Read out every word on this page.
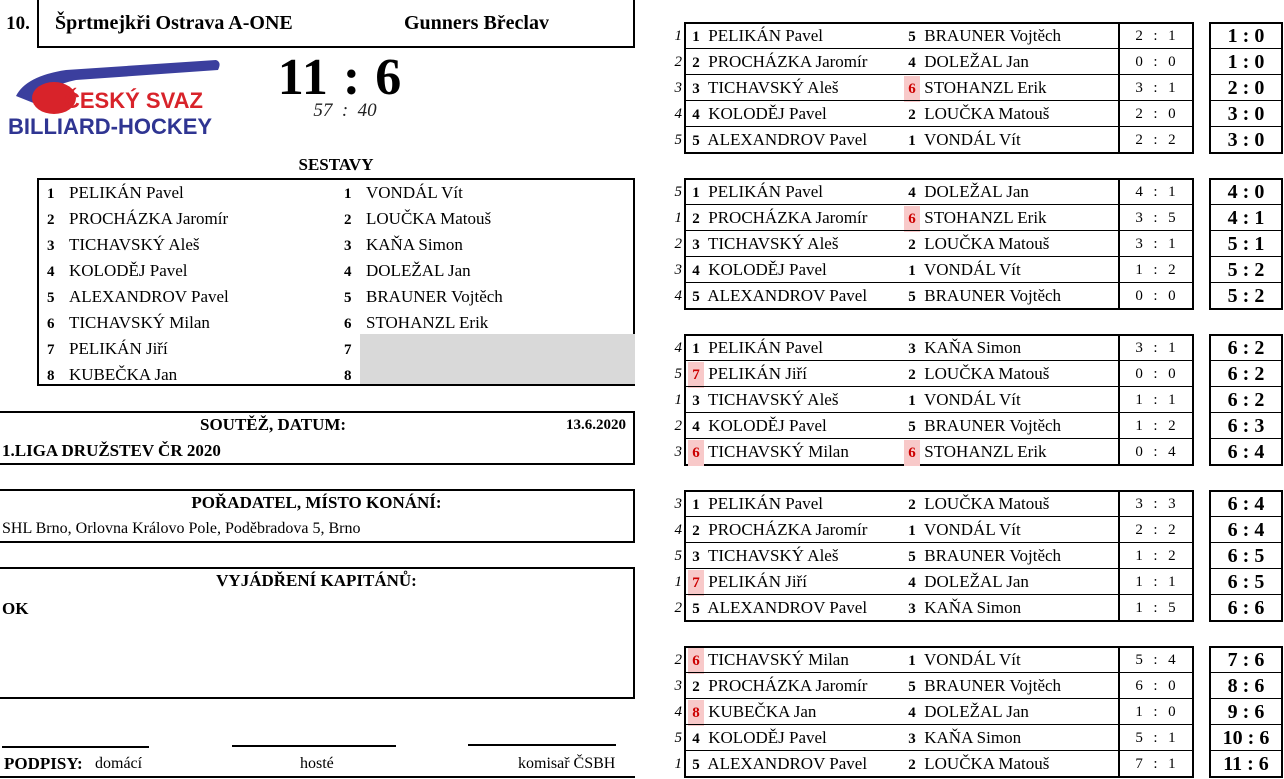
10.	Šprtmejkři Ostrava A-ONE	Gunners Břeclav
ČESKÝ SVAZ
BILLIARD-HOCKEY
11 : 6
57  :  40
SESTAVY
1 PELIKÁN Pavel	1 VONDÁL Vít
2 PROCHÁZKA Jaromír	2 LOUČKA Matouš
3 TICHAVSKÝ Aleš	3 KAŇA Simon
4 KOLODĚJ Pavel	4 DOLEŽAL Jan
5 ALEXANDROV Pavel	5 BRAUNER Vojtěch
6 TICHAVSKÝ Milan	6 STOHANZL Erik
7 PELIKÁN Jiří	7
8 KUBEČKA Jan	8
SOUTĚŽ, DATUM:	13.6.2020
1.LIGA DRUŽSTEV ČR 2020
POŘADATEL, MÍSTO KONÁNÍ:
SHL Brno, Orlovna Královo Pole, Poděbradova 5, Brno
VYJÁDŘENÍ KAPITÁNŮ:
OK
PODPISY: domácí	hosté	komisař ČSBH
1 1 PELIKÁN Pavel	5 BRAUNER Vojtěch	2  :  1	1 : 0
2 2 PROCHÁZKA Jaromír	4 DOLEŽAL Jan	0  :  0	1 : 0
3 3 TICHAVSKÝ Aleš	6 STOHANZL Erik	3  :  1	2 : 0
4 4 KOLODĚJ Pavel	2 LOUČKA Matouš	2  :  0	3 : 0
5 5 ALEXANDROV Pavel	1 VONDÁL Vít	2  :  2	3 : 0
5 1 PELIKÁN Pavel	4 DOLEŽAL Jan	4  :  1	4 : 0
1 2 PROCHÁZKA Jaromír	6 STOHANZL Erik	3  :  5	4 : 1
2 3 TICHAVSKÝ Aleš	2 LOUČKA Matouš	3  :  1	5 : 1
3 4 KOLODĚJ Pavel	1 VONDÁL Vít	1  :  2	5 : 2
4 5 ALEXANDROV Pavel	5 BRAUNER Vojtěch	0  :  0	5 : 2
4 1 PELIKÁN Pavel	3 KAŇA Simon	3  :  1	6 : 2
5 7 PELIKÁN Jiří	2 LOUČKA Matouš	0  :  0	6 : 2
1 3 TICHAVSKÝ Aleš	1 VONDÁL Vít	1  :  1	6 : 2
2 4 KOLODĚJ Pavel	5 BRAUNER Vojtěch	1  :  2	6 : 3
3 6 TICHAVSKÝ Milan	6 STOHANZL Erik	0  :  4	6 : 4
3 1 PELIKÁN Pavel	2 LOUČKA Matouš	3  :  3	6 : 4
4 2 PROCHÁZKA Jaromír	1 VONDÁL Vít	2  :  2	6 : 4
5 3 TICHAVSKÝ Aleš	5 BRAUNER Vojtěch	1  :  2	6 : 5
1 7 PELIKÁN Jiří	4 DOLEŽAL Jan	1  :  1	6 : 5
2 5 ALEXANDROV Pavel	3 KAŇA Simon	1  :  5	6 : 6
2 6 TICHAVSKÝ Milan	1 VONDÁL Vít	5  :  4	7 : 6
3 2 PROCHÁZKA Jaromír	5 BRAUNER Vojtěch	6  :  0	8 : 6
4 8 KUBEČKA Jan	4 DOLEŽAL Jan	1  :  0	9 : 6
5 4 KOLODĚJ Pavel	3 KAŇA Simon	5  :  1	10 : 6
1 5 ALEXANDROV Pavel	2 LOUČKA Matouš	7  :  1	11 : 6
